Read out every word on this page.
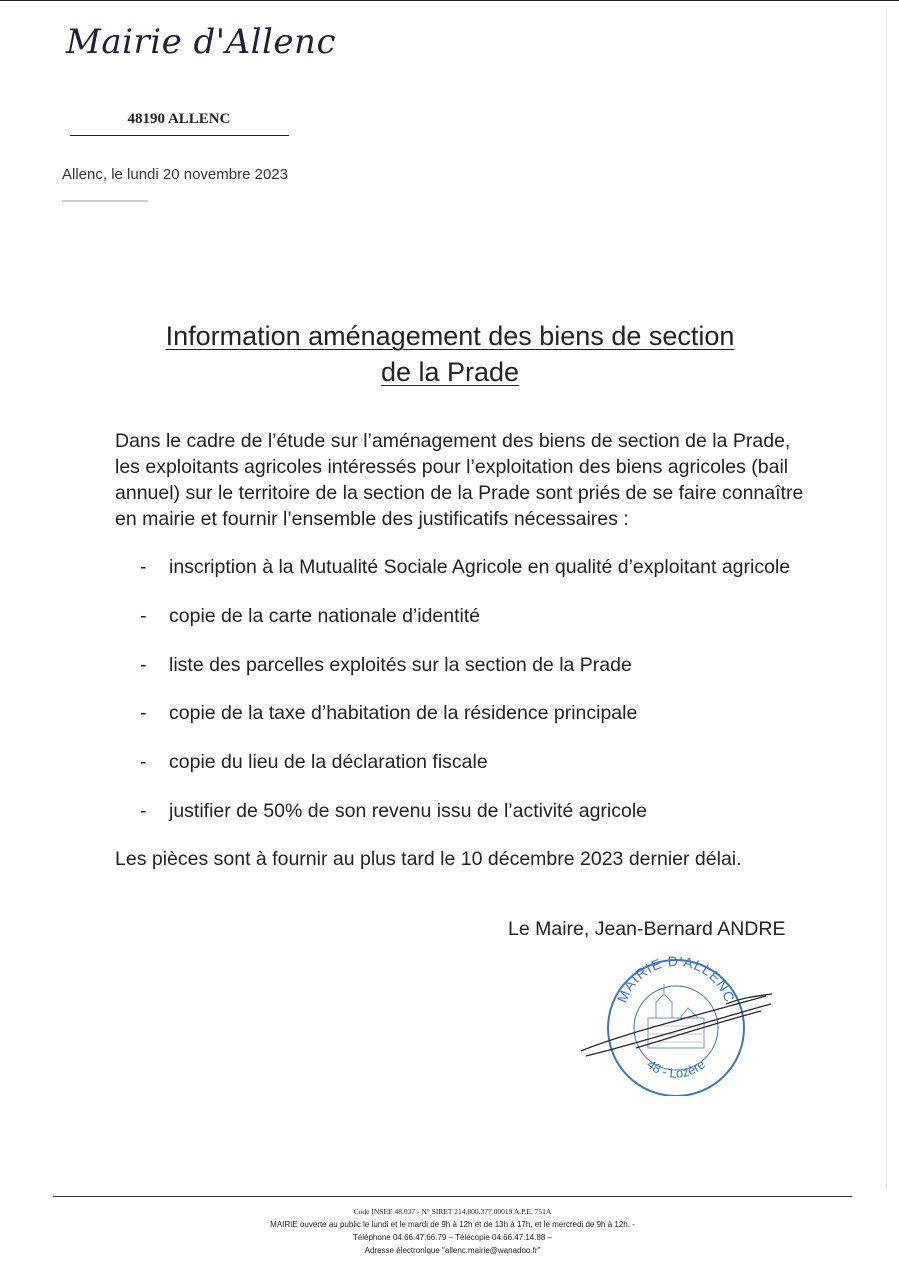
Mairie d'Allenc
48190 ALLENC
Allenc, le lundi 20 novembre 2023
Information aménagement des biens de section
de la Prade
Dans le cadre de l’étude sur l’aménagement des biens de section de la Prade, les exploitants agricoles intéressés pour l’exploitation des biens agricoles (bail annuel) sur le territoire de la section de la Prade sont priés de se faire connaître en mairie et fournir l’ensemble des justificatifs nécessaires :
- inscription à la Mutualité Sociale Agricole en qualité d’exploitant agricole
- copie de la carte nationale d’identité
- liste des parcelles exploités sur la section de la Prade
- copie de la taxe d’habitation de la résidence principale
- copie du lieu de la déclaration fiscale
- justifier de 50% de son revenu issu de l’activité agricole
Les pièces sont à fournir au plus tard le 10 décembre 2023 dernier délai.
Le Maire, Jean-Bernard ANDRE
MAIRIE D'ALLENC
48 - Lozère
Code INSEE 48.037 - N° SIRET 214.800.377.00019 A.P.E. 751A
MAIRIE ouverte au public le lundi et le mardi de 9h à 12h et de 13h à 17h, et le mercredi de 9h à 12h. -
Téléphone 04.66.47.66.79 – Télécopie 04.66.47.14.88 –
Adresse électronique "allenc.mairie@wanadoo.fr"
